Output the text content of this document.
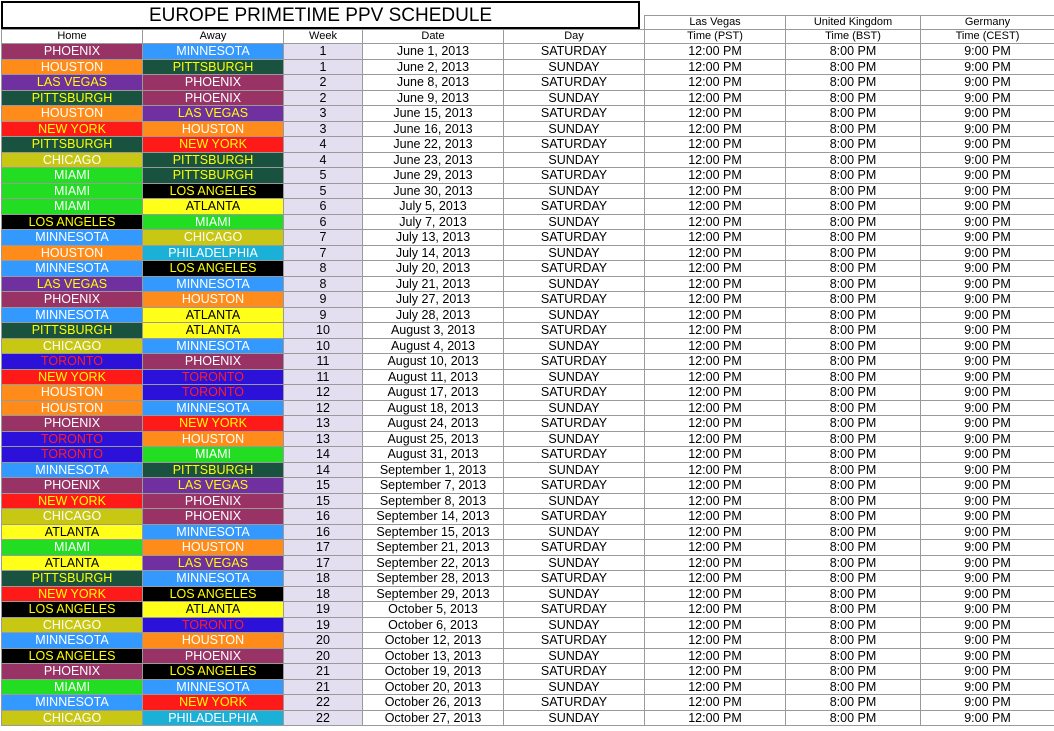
					Las Vegas	United Kingdom	Germany
Home	Away	Week	Date	Day	Time (PST)	Time (BST)	Time (CEST)
PHOENIX	MINNESOTA	1	June 1, 2013	SATURDAY	12:00 PM	8:00 PM	9:00 PM
HOUSTON	PITTSBURGH	1	June 2, 2013	SUNDAY	12:00 PM	8:00 PM	9:00 PM
LAS VEGAS	PHOENIX	2	June 8, 2013	SATURDAY	12:00 PM	8:00 PM	9:00 PM
PITTSBURGH	PHOENIX	2	June 9, 2013	SUNDAY	12:00 PM	8:00 PM	9:00 PM
HOUSTON	LAS VEGAS	3	June 15, 2013	SATURDAY	12:00 PM	8:00 PM	9:00 PM
NEW YORK	HOUSTON	3	June 16, 2013	SUNDAY	12:00 PM	8:00 PM	9:00 PM
PITTSBURGH	NEW YORK	4	June 22, 2013	SATURDAY	12:00 PM	8:00 PM	9:00 PM
CHICAGO	PITTSBURGH	4	June 23, 2013	SUNDAY	12:00 PM	8:00 PM	9:00 PM
MIAMI	PITTSBURGH	5	June 29, 2013	SATURDAY	12:00 PM	8:00 PM	9:00 PM
MIAMI	LOS ANGELES	5	June 30, 2013	SUNDAY	12:00 PM	8:00 PM	9:00 PM
MIAMI	ATLANTA	6	July 5, 2013	SATURDAY	12:00 PM	8:00 PM	9:00 PM
LOS ANGELES	MIAMI	6	July 7, 2013	SUNDAY	12:00 PM	8:00 PM	9:00 PM
MINNESOTA	CHICAGO	7	July 13, 2013	SATURDAY	12:00 PM	8:00 PM	9:00 PM
HOUSTON	PHILADELPHIA	7	July 14, 2013	SUNDAY	12:00 PM	8:00 PM	9:00 PM
MINNESOTA	LOS ANGELES	8	July 20, 2013	SATURDAY	12:00 PM	8:00 PM	9:00 PM
LAS VEGAS	MINNESOTA	8	July 21, 2013	SUNDAY	12:00 PM	8:00 PM	9:00 PM
PHOENIX	HOUSTON	9	July 27, 2013	SATURDAY	12:00 PM	8:00 PM	9:00 PM
MINNESOTA	ATLANTA	9	July 28, 2013	SUNDAY	12:00 PM	8:00 PM	9:00 PM
PITTSBURGH	ATLANTA	10	August 3, 2013	SATURDAY	12:00 PM	8:00 PM	9:00 PM
CHICAGO	MINNESOTA	10	August 4, 2013	SUNDAY	12:00 PM	8:00 PM	9:00 PM
TORONTO	PHOENIX	11	August 10, 2013	SATURDAY	12:00 PM	8:00 PM	9:00 PM
NEW YORK	TORONTO	11	August 11, 2013	SUNDAY	12:00 PM	8:00 PM	9:00 PM
HOUSTON	TORONTO	12	August 17, 2013	SATURDAY	12:00 PM	8:00 PM	9:00 PM
HOUSTON	MINNESOTA	12	August 18, 2013	SUNDAY	12:00 PM	8:00 PM	9:00 PM
PHOENIX	NEW YORK	13	August 24, 2013	SATURDAY	12:00 PM	8:00 PM	9:00 PM
TORONTO	HOUSTON	13	August 25, 2013	SUNDAY	12:00 PM	8:00 PM	9:00 PM
TORONTO	MIAMI	14	August 31, 2013	SATURDAY	12:00 PM	8:00 PM	9:00 PM
MINNESOTA	PITTSBURGH	14	September 1, 2013	SUNDAY	12:00 PM	8:00 PM	9:00 PM
PHOENIX	LAS VEGAS	15	September 7, 2013	SATURDAY	12:00 PM	8:00 PM	9:00 PM
NEW YORK	PHOENIX	15	September 8, 2013	SUNDAY	12:00 PM	8:00 PM	9:00 PM
CHICAGO	PHOENIX	16	September 14, 2013	SATURDAY	12:00 PM	8:00 PM	9:00 PM
ATLANTA	MINNESOTA	16	September 15, 2013	SUNDAY	12:00 PM	8:00 PM	9:00 PM
MIAMI	HOUSTON	17	September 21, 2013	SATURDAY	12:00 PM	8:00 PM	9:00 PM
ATLANTA	LAS VEGAS	17	September 22, 2013	SUNDAY	12:00 PM	8:00 PM	9:00 PM
PITTSBURGH	MINNESOTA	18	September 28, 2013	SATURDAY	12:00 PM	8:00 PM	9:00 PM
NEW YORK	LOS ANGELES	18	September 29, 2013	SUNDAY	12:00 PM	8:00 PM	9:00 PM
LOS ANGELES	ATLANTA	19	October 5, 2013	SATURDAY	12:00 PM	8:00 PM	9:00 PM
CHICAGO	TORONTO	19	October 6, 2013	SUNDAY	12:00 PM	8:00 PM	9:00 PM
MINNESOTA	HOUSTON	20	October 12, 2013	SATURDAY	12:00 PM	8:00 PM	9:00 PM
LOS ANGELES	PHOENIX	20	October 13, 2013	SUNDAY	12:00 PM	8:00 PM	9:00 PM
PHOENIX	LOS ANGELES	21	October 19, 2013	SATURDAY	12:00 PM	8:00 PM	9:00 PM
MIAMI	MINNESOTA	21	October 20, 2013	SUNDAY	12:00 PM	8:00 PM	9:00 PM
MINNESOTA	NEW YORK	22	October 26, 2013	SATURDAY	12:00 PM	8:00 PM	9:00 PM
CHICAGO	PHILADELPHIA	22	October 27, 2013	SUNDAY	12:00 PM	8:00 PM	9:00 PM
EUROPE PRIMETIME PPV SCHEDULE
